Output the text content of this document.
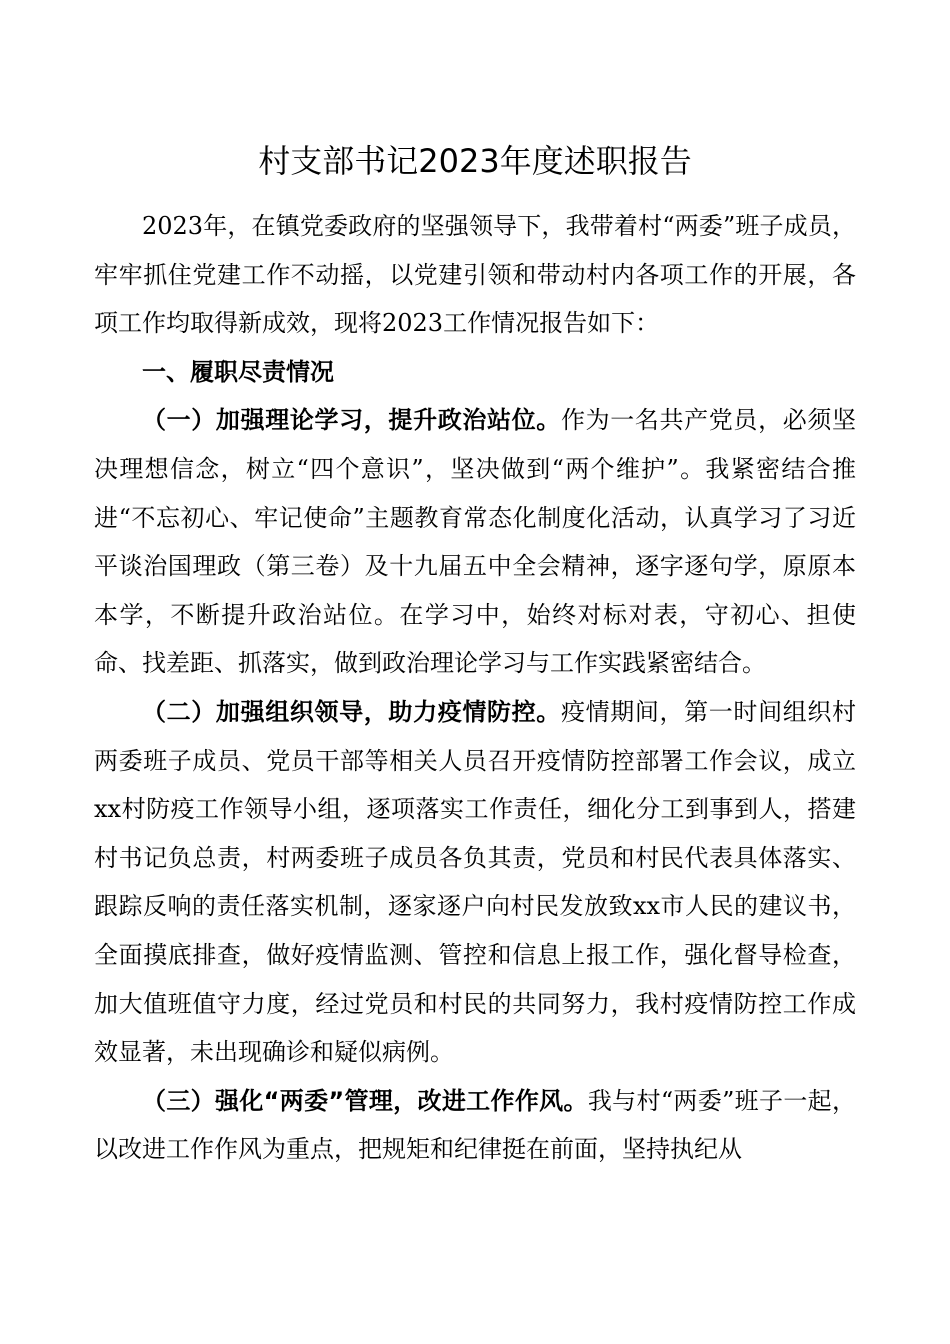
村支部书记2023年度述职报告

2023年，在镇党委政府的坚强领导下，我带着村“两委”班子成员，牢牢抓住党建工作不动摇，以党建引领和带动村内各项工作的开展，各项工作均取得新成效，现将2023工作情况报告如下：

一、履职尽责情况

（一）加强理论学习，提升政治站位。作为一名共产党员，必须坚决理想信念，树立“四个意识”，坚决做到“两个维护”。我紧密结合推进“不忘初心、牢记使命”主题教育常态化制度化活动，认真学习了习近平谈治国理政（第三卷）及十九届五中全会精神，逐字逐句学，原原本本学，不断提升政治站位。在学习中，始终对标对表，守初心、担使命、找差距、抓落实，做到政治理论学习与工作实践紧密结合。

（二）加强组织领导，助力疫情防控。疫情期间，第一时间组织村两委班子成员、党员干部等相关人员召开疫情防控部署工作会议，成立xx村防疫工作领导小组，逐项落实工作责任，细化分工到事到人，搭建村书记负总责，村两委班子成员各负其责，党员和村民代表具体落实、跟踪反响的责任落实机制，逐家逐户向村民发放致xx市人民的建议书，全面摸底排查，做好疫情监测、管控和信息上报工作，强化督导检查，加大值班值守力度，经过党员和村民的共同努力，我村疫情防控工作成效显著，未出现确诊和疑似病例。

（三）强化“两委”管理，改进工作作风。我与村“两委”班子一起，以改进工作作风为重点，把规矩和纪律挺在前面，坚持执纪从
